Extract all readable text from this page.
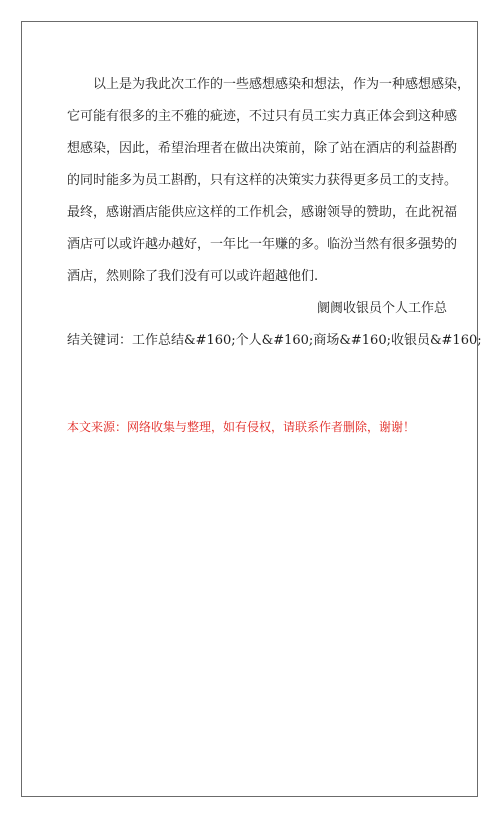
以上是为我此次工作的一些感想感染和想法，作为一种感想感染，
它可能有很多的主不雅的疵迹，不过只有员工实力真正体会到这种感
想感染，因此，希望治理者在做出决策前，除了站在酒店的利益斟酌
的同时能多为员工斟酌，只有这样的决策实力获得更多员工的支持。
最终，感谢酒店能供应这样的工作机会，感谢领导的赞助，在此祝福
酒店可以或许越办越好，一年比一年赚的多。临汾当然有很多强势的
酒店，然则除了我们没有可以或许超越他们.
阛阓收银员个人工作总
结关键词：工作总结&#160;个人&#160;商场&#160;收银员&#160;

本文来源：网络收集与整理，如有侵权，请联系作者删除，谢谢！
